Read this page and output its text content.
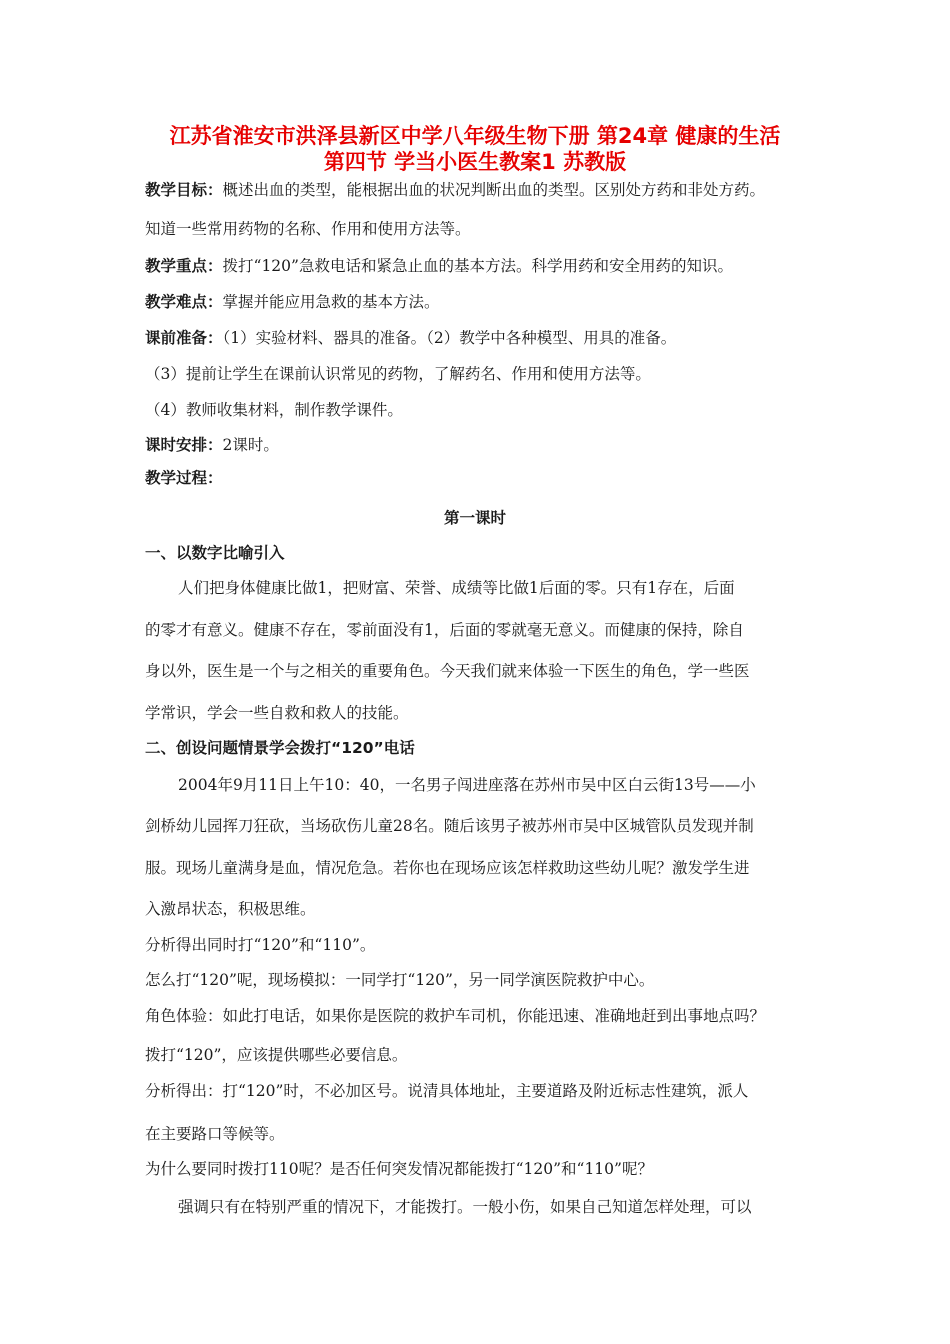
江苏省淮安市洪泽县新区中学八年级生物下册 第24章 健康的生活
第四节 学当小医生教案1 苏教版
教学目标：概述出血的类型，能根据出血的状况判断出血的类型。区别处方药和非处方药。
知道一些常用药物的名称、作用和使用方法等。
教学重点：拨打“120”急救电话和紧急止血的基本方法。科学用药和安全用药的知识。
教学难点：掌握并能应用急救的基本方法。
课前准备：（1）实验材料、器具的准备。（2）教学中各种模型、用具的准备。
（3）提前让学生在课前认识常见的药物，了解药名、作用和使用方法等。
（4）教师收集材料，制作教学课件。
课时安排：2课时。
教学过程：
第一课时
一、以数字比喻引入
人们把身体健康比做1，把财富、荣誉、成绩等比做1后面的零。只有1存在，后面
的零才有意义。健康不存在，零前面没有1，后面的零就毫无意义。而健康的保持，除自
身以外，医生是一个与之相关的重要角色。今天我们就来体验一下医生的角色，学一些医
学常识，学会一些自救和救人的技能。
二、创设问题情景学会拨打“120”电话
2004年9月11日上午10：40，一名男子闯进座落在苏州市吴中区白云街13号——小
剑桥幼儿园挥刀狂砍，当场砍伤儿童28名。随后该男子被苏州市吴中区城管队员发现并制
服。现场儿童满身是血，情况危急。若你也在现场应该怎样救助这些幼儿呢？激发学生进
入激昂状态，积极思维。
分析得出同时打“120”和“110”。
怎么打“120”呢，现场模拟：一同学打“120”，另一同学演医院救护中心。
角色体验：如此打电话，如果你是医院的救护车司机，你能迅速、准确地赶到出事地点吗？
拨打“120”，应该提供哪些必要信息。
分析得出：打“120”时，不必加区号。说清具体地址，主要道路及附近标志性建筑，派人
在主要路口等候等。
为什么要同时拨打110呢？是否任何突发情况都能拨打“120”和“110”呢？
强调只有在特别严重的情况下，才能拨打。一般小伤，如果自己知道怎样处理，可以
